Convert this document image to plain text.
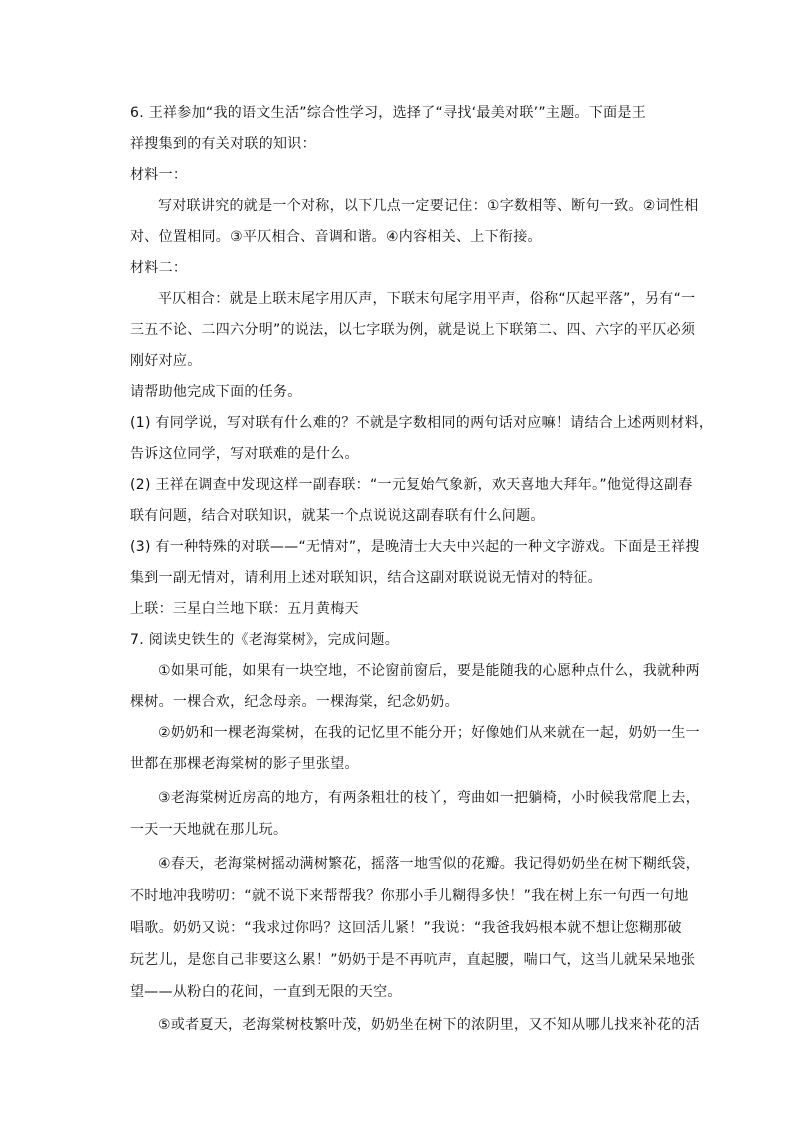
6. 王祥参加“我的语文生活”综合性学习，选择了“寻找‘最美对联’”主题。下面是王
祥搜集到的有关对联的知识：
材料一：
写对联讲究的就是一个对称，以下几点一定要记住：①字数相等、断句一致。②词性相
对、位置相同。③平仄相合、音调和谐。④内容相关、上下衔接。
材料二：
平仄相合：就是上联末尾字用仄声，下联末句尾字用平声，俗称“仄起平落”，另有“一
三五不论、二四六分明”的说法，以七字联为例，就是说上下联第二、四、六字的平仄必须
刚好对应。
请帮助他完成下面的任务。
(1) 有同学说，写对联有什么难的？不就是字数相同的两句话对应嘛！请结合上述两则材料，
告诉这位同学，写对联难的是什么。
(2) 王祥在调查中发现这样一副春联：“一元复始气象新，欢天喜地大拜年。”他觉得这副春
联有问题，结合对联知识，就某一个点说说这副春联有什么问题。
(3) 有一种特殊的对联——“无情对”，是晚清士大夫中兴起的一种文字游戏。下面是王祥搜
集到一副无情对，请利用上述对联知识，结合这副对联说说无情对的特征。
上联：三星白兰地下联：五月黄梅天
7. 阅读史铁生的《老海棠树》，完成问题。
①如果可能，如果有一块空地，不论窗前窗后，要是能随我的心愿种点什么，我就种两
棵树。一棵合欢，纪念母亲。一棵海棠，纪念奶奶。
②奶奶和一棵老海棠树，在我的记忆里不能分开；好像她们从来就在一起，奶奶一生一
世都在那棵老海棠树的影子里张望。
③老海棠树近房高的地方，有两条粗壮的枝丫，弯曲如一把躺椅，小时候我常爬上去，
一天一天地就在那儿玩。
④春天，老海棠树摇动满树繁花，摇落一地雪似的花瓣。我记得奶奶坐在树下糊纸袋，
不时地冲我唠叨：“就不说下来帮帮我？你那小手儿糊得多快！”我在树上东一句西一句地
唱歌。奶奶又说：“我求过你吗？这回活儿紧！”我说：“我爸我妈根本就不想让您糊那破
玩艺儿，是您自己非要这么累！”奶奶于是不再吭声，直起腰，喘口气，这当儿就呆呆地张
望——从粉白的花间，一直到无限的天空。
⑤或者夏天，老海棠树枝繁叶茂，奶奶坐在树下的浓阴里，又不知从哪儿找来补花的活
